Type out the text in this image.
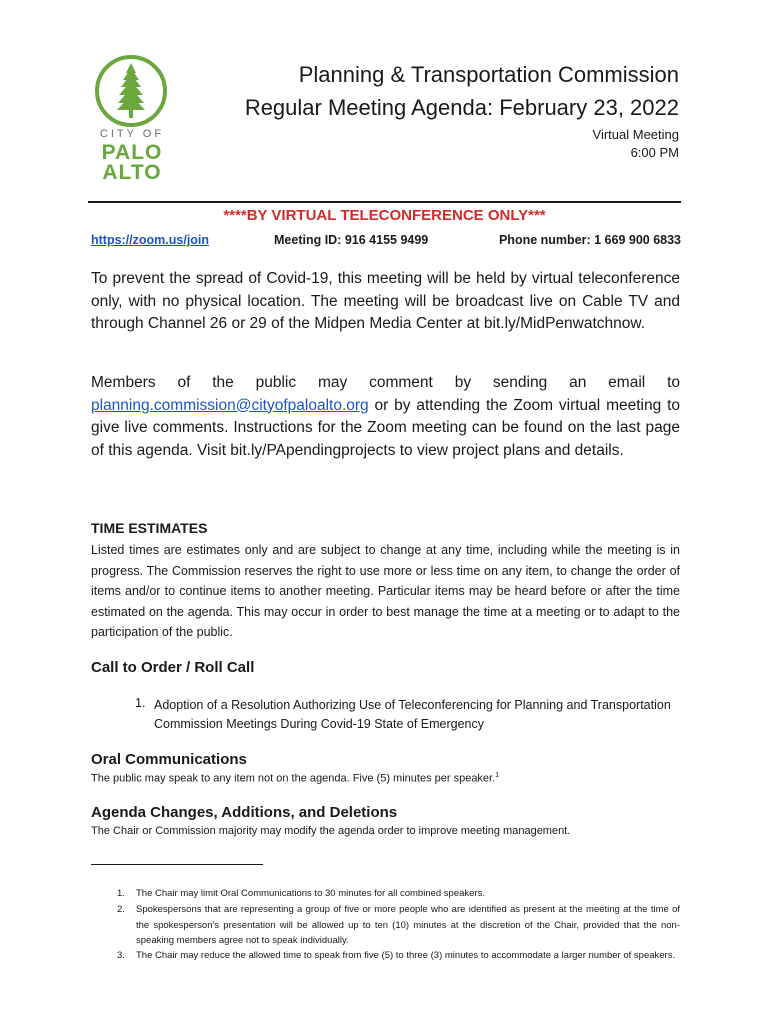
CITY OF
PALO
ALTO
Planning & Transportation Commission
Regular Meeting Agenda: February 23, 2022
Virtual Meeting
6:00 PM
****BY VIRTUAL TELECONFERENCE ONLY***
https://zoom.us/join	Meeting ID: 916 4155 9499	Phone number: 1 669 900 6833
To prevent the spread of Covid-19, this meeting will be held by virtual teleconference only, with no physical location. The meeting will be broadcast live on Cable TV and through Channel 26 or 29 of the Midpen Media Center at bit.ly/MidPenwatchnow.
Members of the public may comment by sending an email to planning.commission@cityofpaloalto.org or by attending the Zoom virtual meeting to give live comments. Instructions for the Zoom meeting can be found on the last page of this agenda. Visit bit.ly/PApendingprojects to view project plans and details.
TIME ESTIMATES
Listed times are estimates only and are subject to change at any time, including while the meeting is in progress. The Commission reserves the right to use more or less time on any item, to change the order of items and/or to continue items to another meeting. Particular items may be heard before or after the time estimated on the agenda. This may occur in order to best manage the time at a meeting or to adapt to the participation of the public.
Call to Order / Roll Call
1. Adoption of a Resolution Authorizing Use of Teleconferencing for Planning and Transportation Commission Meetings During Covid-19 State of Emergency
Oral Communications
The public may speak to any item not on the agenda. Five (5) minutes per speaker.$^1$
Agenda Changes, Additions, and Deletions
The Chair or Commission majority may modify the agenda order to improve meeting management.
1. The Chair may limit Oral Communications to 30 minutes for all combined speakers.
2. Spokespersons that are representing a group of five or more people who are identified as present at the meeting at the time of the spokesperson’s presentation will be allowed up to ten (10) minutes at the discretion of the Chair, provided that the non-speaking members agree not to speak individually.
3. The Chair may reduce the allowed time to speak from five (5) to three (3) minutes to accommodate a larger number of speakers.
